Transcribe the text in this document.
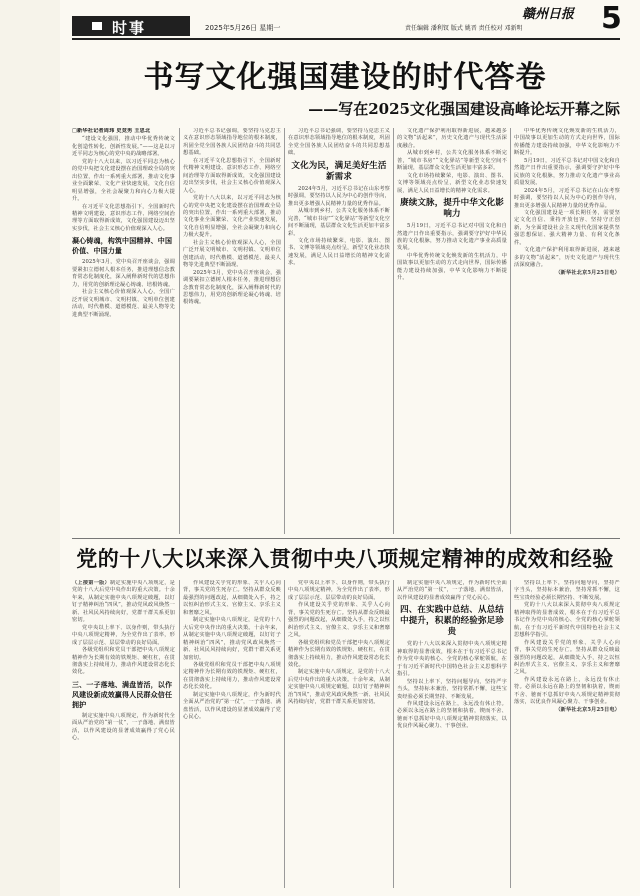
时事	2025年5月26日 星期一	责任编辑 潘利钗 版式 姚晋 责任校对 邓新明
赣州日报 5
书写文化强国建设的时代答卷
——写在2025文化强国建设高峰论坛开幕之际
□新华社记者周玮 史竞男 王思北

“建设文化强国，推动中华优秀传统文化创造性转化、创新性发展。”——这是以习近平同志为核心的党中央的战略部署。

党的十八大以来，以习近平同志为核心的党中央把文化建设摆在治国理政全局的突出位置，作出一系列重大部署，推动文化事业全面繁荣、文化产业快速发展，文化自信明显增强，全社会凝聚力和向心力极大提升。

在习近平文化思想指引下，全国新时代精神文明建设、意识形态工作、网络空间治理等方面取得新成效，文化强国建设迈出坚实步伐，社会主义核心价值观深入人心。

凝心铸魂，构筑中国精神、中国价值、中国力量

2025年3月，党中央召开座谈会，强调要紧扣立德树人根本任务，推进理想信念教育常态化制度化，深入阐释新时代的思想伟力，用党的创新理论凝心铸魂、培根铸魂。

社会主义核心价值观深入人心，全国广泛开展文明城市、文明村镇、文明单位创建活动，时代楷模、道德模范、最美人物等先进典型不断涌现。

习近平总书记强调，要坚持马克思主义在意识形态领域指导地位的根本制度，巩固全党全国各族人民团结奋斗的共同思想基础。

在习近平文化思想指引下，全国新时代精神文明建设、意识形态工作、网络空间治理等方面取得新成效，文化强国建设迈出坚实步伐，社会主义核心价值观深入人心。

党的十八大以来，以习近平同志为核心的党中央把文化建设摆在治国理政全局的突出位置，作出一系列重大部署，推动文化事业全面繁荣、文化产业快速发展，文化自信明显增强，全社会凝聚力和向心力极大提升。

社会主义核心价值观深入人心，全国广泛开展文明城市、文明村镇、文明单位创建活动，时代楷模、道德模范、最美人物等先进典型不断涌现。

2025年3月，党中央召开座谈会，强调要紧扣立德树人根本任务，推进理想信念教育常态化制度化，深入阐释新时代的思想伟力，用党的创新理论凝心铸魂、培根铸魂。

习近平总书记强调，要坚持马克思主义在意识形态领域指导地位的根本制度，巩固全党全国各族人民团结奋斗的共同思想基础。

文化为民，满足美好生活新需求

2024年5月，习近平总书记在山东考察时强调，要坚持以人民为中心的创作导向，推出更多增强人民精神力量的优秀作品。

从城市到乡村，公共文化服务体系不断完善，“城市书房”“文化驿站”等新型文化空间不断涌现，基层群众文化生活更加丰富多彩。

文化市场持续繁荣，电影、演出、图书、文博等领域亮点纷呈，新型文化业态快速发展，满足人民日益增长的精神文化需求。

文化遗产保护利用取得新进展，越来越多的文物“活起来”，历史文化遗产与现代生活深度融合。

从城市到乡村，公共文化服务体系不断完善，“城市书房”“文化驿站”等新型文化空间不断涌现，基层群众文化生活更加丰富多彩。

文化市场持续繁荣，电影、演出、图书、文博等领域亮点纷呈，新型文化业态快速发展，满足人民日益增长的精神文化需求。

赓续文脉，提升中华文化影响力

5月19日，习近平总书记对中国文化和自然遗产日作出重要指示，强调要守护好中华民族的文化根脉，努力推动文化遗产事业高质量发展。

中华优秀传统文化焕发新的生机活力，中国故事以更加生动的方式走向世界，国际传播能力建设持续加强，中华文化影响力不断提升。

中华优秀传统文化焕发新的生机活力，中国故事以更加生动的方式走向世界，国际传播能力建设持续加强，中华文化影响力不断提升。

5月19日，习近平总书记对中国文化和自然遗产日作出重要指示，强调要守护好中华民族的文化根脉，努力推动文化遗产事业高质量发展。

2024年5月，习近平总书记在山东考察时强调，要坚持以人民为中心的创作导向，推出更多增强人民精神力量的优秀作品。

文化强国建设是一项长期任务，需要坚定文化自信、秉持开放包容、坚持守正创新，为全面建设社会主义现代化国家提供坚强思想保证、强大精神力量、有利文化条件。

文化遗产保护利用取得新进展，越来越多的文物“活起来”，历史文化遗产与现代生活深度融合。

（新华社北京5月25日电）

党的十八大以来深入贯彻中央八项规定精神的成效和经验

（上接第一版）制定实施中央八项规定，是党的十八大后党中央作出的重大决策。十余年来，从制定实施中央八项规定破题，以钉钉子精神纠治“四风”，推动党风政风焕然一新、社风民风持续向好，党群干群关系更加密切。

党中央以上率下、以身作则，带头执行中央八项规定精神，为全党作出了表率，形成了层层示范、层层带动的良好局面。

各级党组织和党员干部把中央八项规定精神作为长期有效的铁规矩、硬杠杠，在贯彻落实上持续用力，推动作风建设常态化长效化。

三、一子落地、满盘皆活，以作风建设新成效赢得人民群众信任拥护

制定实施中央八项规定，作为新时代全面从严治党的“第一仗”，一子落地、满盘皆活，以作风建设的显著成效赢得了党心民心。

作风建设关乎党的形象、关乎人心向背，事关党的生死存亡。坚持从群众反映最强烈的问题改起，从细微处入手，持之以恒纠治形式主义、官僚主义、享乐主义和奢靡之风。

制定实施中央八项规定，是党的十八大后党中央作出的重大决策。十余年来，从制定实施中央八项规定破题，以钉钉子精神纠治“四风”，推动党风政风焕然一新、社风民风持续向好，党群干群关系更加密切。

各级党组织和党员干部把中央八项规定精神作为长期有效的铁规矩、硬杠杠，在贯彻落实上持续用力，推动作风建设常态化长效化。

制定实施中央八项规定，作为新时代全面从严治党的“第一仗”，一子落地、满盘皆活，以作风建设的显著成效赢得了党心民心。

党中央以上率下、以身作则，带头执行中央八项规定精神，为全党作出了表率，形成了层层示范、层层带动的良好局面。

作风建设关乎党的形象、关乎人心向背，事关党的生死存亡。坚持从群众反映最强烈的问题改起，从细微处入手，持之以恒纠治形式主义、官僚主义、享乐主义和奢靡之风。

各级党组织和党员干部把中央八项规定精神作为长期有效的铁规矩、硬杠杠，在贯彻落实上持续用力，推动作风建设常态化长效化。

制定实施中央八项规定，是党的十八大后党中央作出的重大决策。十余年来，从制定实施中央八项规定破题，以钉钉子精神纠治“四风”，推动党风政风焕然一新、社风民风持续向好，党群干群关系更加密切。

制定实施中央八项规定，作为新时代全面从严治党的“第一仗”，一子落地、满盘皆活，以作风建设的显著成效赢得了党心民心。

四、在实践中总结、从总结中提升，积累的经验弥足珍贵

党的十八大以来深入贯彻中央八项规定精神取得的显著成效，根本在于有习近平总书记作为党中央的核心、全党的核心掌舵领航，在于有习近平新时代中国特色社会主义思想科学指引。

坚持以上率下，坚持问题导向，坚持严字当头，坚持标本兼治，坚持常抓不懈，这些宝贵经验必须长期坚持、不断发展。

作风建设永远在路上，永远没有休止符。必须以永远在路上的坚韧和执着，锲而不舍、驰而不息抓好中央八项规定精神贯彻落实，以优良作风凝心聚力、干事创业。

坚持以上率下，坚持问题导向，坚持严字当头，坚持标本兼治，坚持常抓不懈，这些宝贵经验必须长期坚持、不断发展。

党的十八大以来深入贯彻中央八项规定精神取得的显著成效，根本在于有习近平总书记作为党中央的核心、全党的核心掌舵领航，在于有习近平新时代中国特色社会主义思想科学指引。

作风建设关乎党的形象、关乎人心向背，事关党的生死存亡。坚持从群众反映最强烈的问题改起，从细微处入手，持之以恒纠治形式主义、官僚主义、享乐主义和奢靡之风。

作风建设永远在路上，永远没有休止符。必须以永远在路上的坚韧和执着，锲而不舍、驰而不息抓好中央八项规定精神贯彻落实，以优良作风凝心聚力、干事创业。

（新华社北京5月25日电）
